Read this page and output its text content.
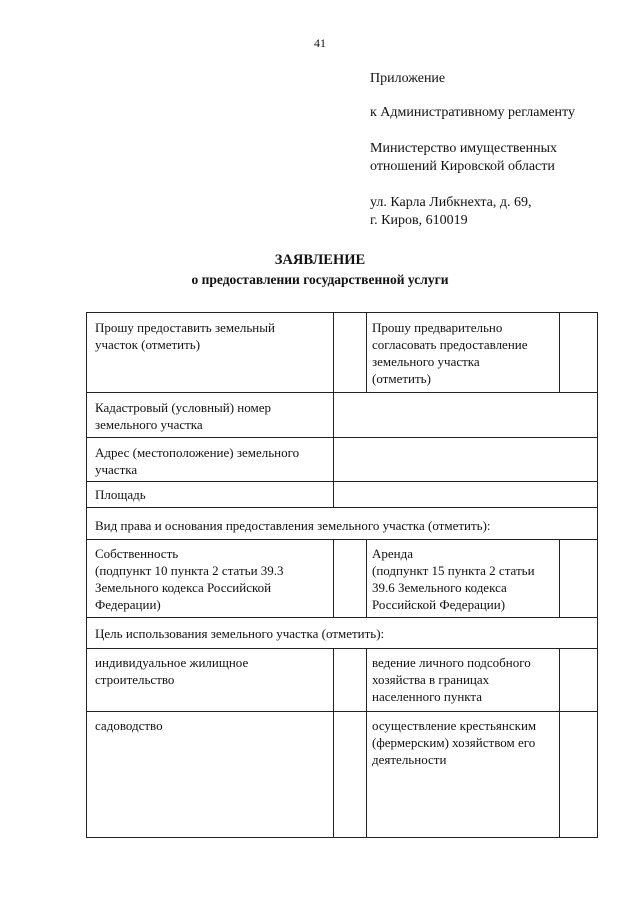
41
Приложение
к Административному регламенту
Министерство имущественных
отношений Кировской области
ул. Карла Либкнехта, д. 69,
г. Киров, 610019
ЗАЯВЛЕНИЕ
о предоставлении государственной услуги
Прошу предоставить земельный
участок (отметить)
Прошу предварительно
согласовать предоставление
земельного участка
(отметить)
Кадастровый (условный) номер
земельного участка
Адрес (местоположение) земельного
участка
Площадь
Вид права и основания предоставления земельного участка (отметить):
Собственность
(подпункт 10 пункта 2 статьи 39.3
Земельного кодекса Российской
Федерации)
Аренда
(подпункт 15 пункта 2 статьи
39.6 Земельного кодекса
Российской Федерации)
Цель использования земельного участка (отметить):
индивидуальное жилищное
строительство
ведение личного подсобного
хозяйства в границах
населенного пункта
садоводство	осуществление крестьянским
(фермерским) хозяйством его
деятельности
